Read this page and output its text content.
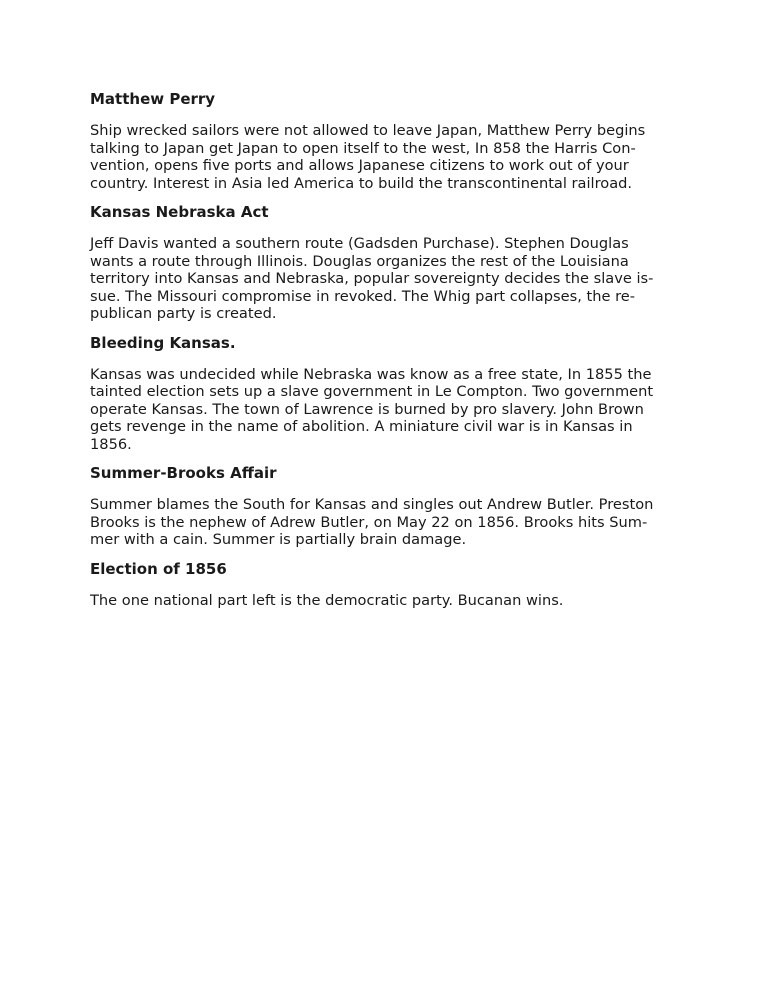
Matthew Perry
Ship wrecked sailors were not allowed to leave Japan, Matthew Perry begins
talking to Japan get Japan to open itself to the west, In 858 the Harris Con-
vention, opens five ports and allows Japanese citizens to work out of your
country. Interest in Asia led America to build the transcontinental railroad.
Kansas Nebraska Act
Jeff Davis wanted a southern route (Gadsden Purchase). Stephen Douglas
wants a route through Illinois. Douglas organizes the rest of the Louisiana
territory into Kansas and Nebraska, popular sovereignty decides the slave is-
sue. The Missouri compromise in revoked. The Whig part collapses, the re-
publican party is created.
Bleeding Kansas.
Kansas was undecided while Nebraska was know as a free state, In 1855 the
tainted election sets up a slave government in Le Compton. Two government
operate Kansas. The town of Lawrence is burned by pro slavery. John Brown
gets revenge in the name of abolition. A miniature civil war is in Kansas in
1856.
Summer-Brooks Affair
Summer blames the South for Kansas and singles out Andrew Butler. Preston
Brooks is the nephew of Adrew Butler, on May 22 on 1856. Brooks hits Sum-
mer with a cain. Summer is partially brain damage.
Election of 1856
The one national part left is the democratic party. Bucanan wins.
